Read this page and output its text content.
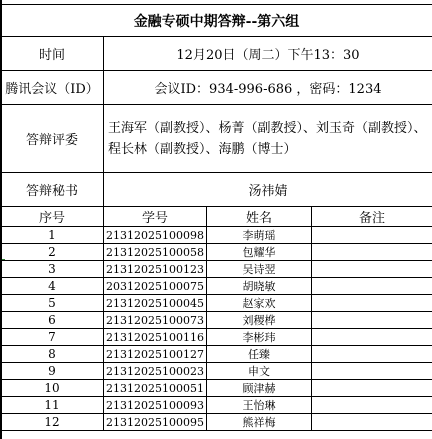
金融专硕中期答辩--第六组			
时间	12月20日（周二）下午13：30		
腾讯会议（ID）	会议ID：934-996-686 ，密码：1234		
答辩评委	王海军（副教授）、杨菁（副教授）、刘玉奇（副教授）、程长林（副教授）、海鹏（博士）		
答辩秘书	汤祎婧		
序号	学号	姓名	备注
1	21312025100098	李萌瑶	
2	21312025100058	包耀华	
3	21312025100123	吴诗翌	
4	20312025100075	胡晓敏	
5	21312025100045	赵家欢	
6	21312025100073	刘稷桦	
7	21312025100116	李彬玮	
8	21312025100127	任臻	
9	21312025100023	申文	
10	21312025100051	顾津赫	
11	21312025100093	王怡琳	
12	21312025100095	熊祥梅	
